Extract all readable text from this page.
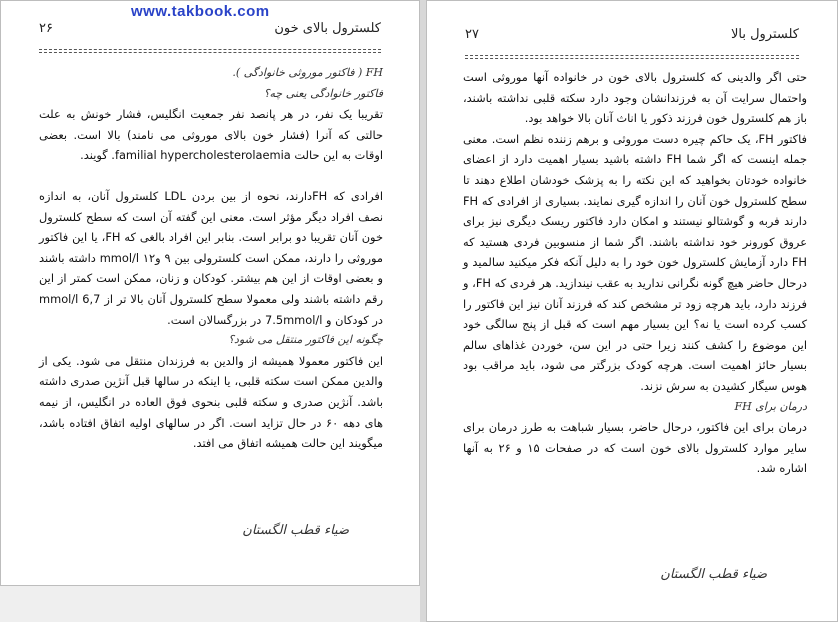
www.takbook.com
کلسترول بالای خون
۲۶

FH ( فاکتور موروثی خانوادگی ).

فاکتور خانوادگی یعنی چه؟

تقریبا یک نفر، در هر پانصد نفر جمعیت انگلیس، فشار خونش به علت حالتی که آنرا (فشار خون بالای موروثی می نامند) بالا است. بعضی اوقات به این حالت familial hypercholesterolaemia. گویند.

افرادی که FHدارند، نحوه از بین بردن LDL کلسترول آنان، به اندازه نصف افراد دیگر مؤثر است. معنی این گفته آن است که سطح کلسترول خون آنان تقریبا دو برابر است. بنابر این افراد بالغی که FH، یا این فاکتور موروثی را دارند، ممکن است کلسترولی بین ۹ و۱۲ mmol/l داشته باشند و بعضی اوقات از این هم بیشتر. کودکان و زنان، ممکن است کمتر از این رقم داشته باشند ولی معمولا سطح کلسترول آنان بالا تر از 6,7 mmol/l در کودکان و 7.5mmol/l در بزرگسالان است.

چگونه این فاکتور منتقل می شود؟

این فاکتور معمولا همیشه از والدین به فرزندان منتقل می شود. یکی از والدین ممکن است سکته قلبی، یا اینکه در سالها قبل آنژین صدری داشته باشد. آنژین صدری و سکته قلبی بنحوی فوق العاده در انگلیس، از نیمه های دهه ۶۰ در حال تزاید است. اگر در سالهای اولیه اتفاق افتاده باشد، میگویند این حالت همیشه اتفاق می افتد.

ضیاء قطب الگستان
کلسترول بالا
۲۷

حتی اگر والدینی که کلسترول بالای خون در خانواده آنها موروثی است واحتمال سرایت آن به فرزندانشان وجود دارد سکته قلبی نداشته باشند، باز هم کلسترول خون فرزند ذکور یا اناث آنان بالا خواهد بود.

فاکتور FH، یک حاکم چیره دست موروثی و برهم زننده نظم است. معنی جمله اینست که اگر شما FH داشته باشید بسیار اهمیت دارد از اعضای خانواده خودتان بخواهید که این نکته را به پزشک خودشان اطلاع دهند تا سطح کلسترول خون آنان را اندازه گیری نمایند. بسیاری از افرادی که FH دارند فربه و گوشتالو نیستند و امکان دارد فاکتور ریسک دیگری نیز برای عروق کورونر خود نداشته باشند. اگر شما از منسوبین فردی هستید که FH دارد آزمایش کلسترول خون خود را به دلیل آنکه فکر میکنید سالمید و درحال حاضر هیچ گونه نگرانی ندارید به عقب نیندازید. هر فردی که FH، و فرزند دارد، باید هرچه زود تر مشخص کند که فرزند آنان نیز این فاکتور را کسب کرده است یا نه؟ این بسیار مهم است که قبل از پنج سالگی خود این موضوع را کشف کنند زیرا حتی در این سن، خوردن غذاهای سالم بسیار حائز اهمیت است. هرچه کودک بزرگتر می شود، باید مراقب بود هوس سیگار کشیدن به سرش نزند.

درمان برای FH

درمان برای این فاکتور، درحال حاضر، بسیار شباهت به طرز درمان برای سایر موارد کلسترول بالای خون است که در صفحات ۱۵ و ۲۶ به آنها اشاره شد.

ضیاء قطب الگستان
